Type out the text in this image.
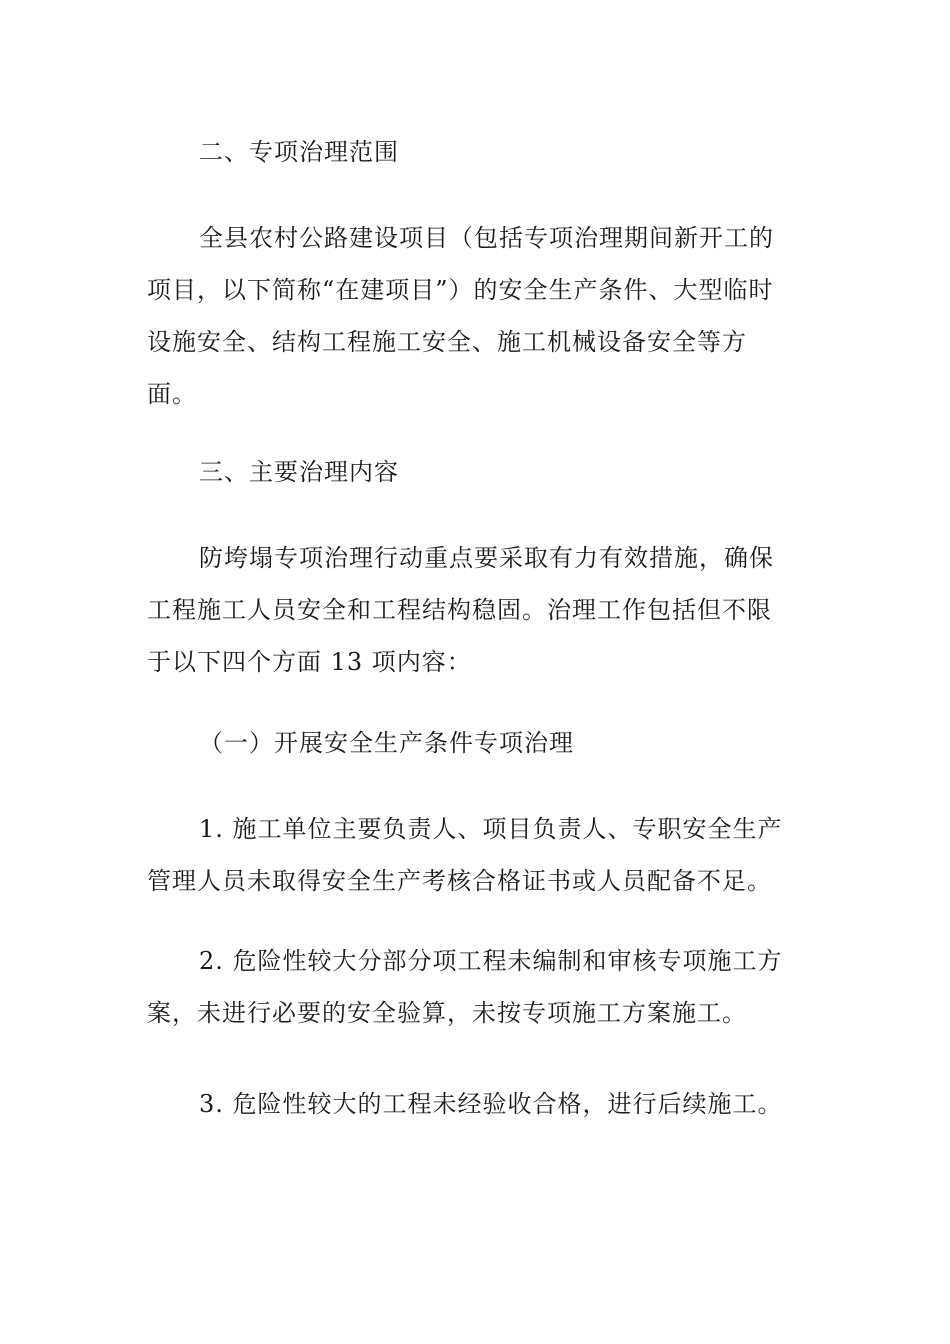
二、专项治理范围
全县农村公路建设项目（包括专项治理期间新开工的项目，以下简称“在建项目”）的安全生产条件、大型临时设施安全、结构工程施工安全、施工机械设备安全等方面。
三、主要治理内容
防垮塌专项治理行动重点要采取有力有效措施，确保工程施工人员安全和工程结构稳固。治理工作包括但不限于以下四个方面 13 项内容：
（一）开展安全生产条件专项治理
1. 施工单位主要负责人、项目负责人、专职安全生产管理人员未取得安全生产考核合格证书或人员配备不足。
2. 危险性较大分部分项工程未编制和审核专项施工方案，未进行必要的安全验算，未按专项施工方案施工。
3. 危险性较大的工程未经验收合格，进行后续施工。
